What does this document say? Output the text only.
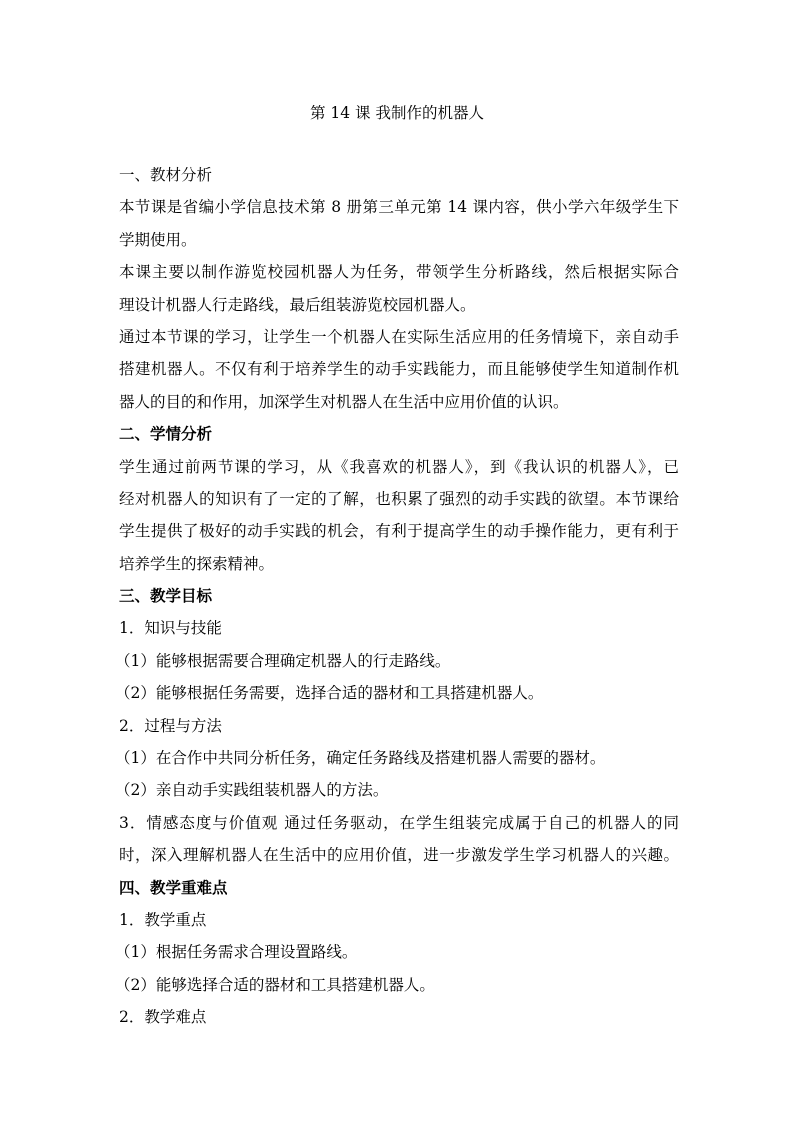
第 14 课 我制作的机器人
一、教材分析
本节课是省编小学信息技术第 8 册第三单元第 14 课内容，供小学六年级学生下
学期使用。
本课主要以制作游览校园机器人为任务，带领学生分析路线，然后根据实际合
理设计机器人行走路线，最后组装游览校园机器人。
通过本节课的学习，让学生一个机器人在实际生活应用的任务情境下，亲自动手
搭建机器人。不仅有利于培养学生的动手实践能力，而且能够使学生知道制作机
器人的目的和作用，加深学生对机器人在生活中应用价值的认识。
二、学情分析
学生通过前两节课的学习，从《我喜欢的机器人》，到《我认识的机器人》，已
经对机器人的知识有了一定的了解，也积累了强烈的动手实践的欲望。本节课给
学生提供了极好的动手实践的机会，有利于提高学生的动手操作能力，更有利于
培养学生的探索精神。
三、教学目标
1．知识与技能
（1）能够根据需要合理确定机器人的行走路线。
（2）能够根据任务需要，选择合适的器材和工具搭建机器人。
2．过程与方法
（1）在合作中共同分析任务，确定任务路线及搭建机器人需要的器材。
（2）亲自动手实践组装机器人的方法。
3．情感态度与价值观 通过任务驱动，在学生组装完成属于自己的机器人的同
时，深入理解机器人在生活中的应用价值，进一步激发学生学习机器人的兴趣。
四、教学重难点
1．教学重点
（1）根据任务需求合理设置路线。
（2）能够选择合适的器材和工具搭建机器人。
2．教学难点
